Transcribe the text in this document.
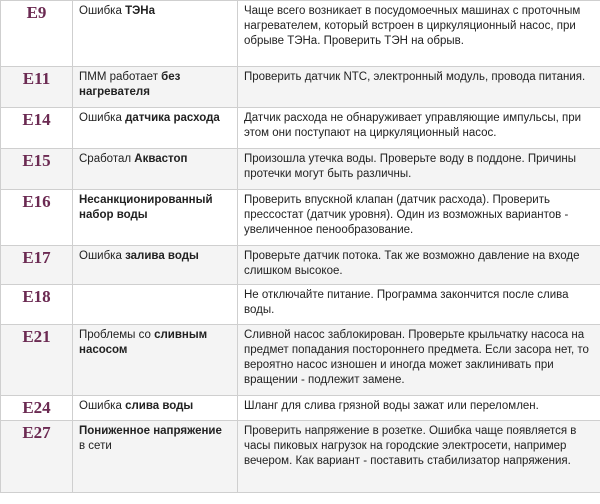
E9	Ошибка ТЭНа	Чаще всего возникает в посудомоечных машинах с проточным нагревателем, который встроен в циркуляционный насос, при обрыве ТЭНа. Проверить ТЭН на обрыв.
E11	ПММ работает без нагревателя	Проверить датчик NTC, электронный модуль, провода питания.
E14	Ошибка датчика расхода	Датчик расхода не обнаруживает управляющие импульсы, при этом они поступают на циркуляционный насос.
E15	Сработал Аквастоп	Произошла утечка воды. Проверьте воду в поддоне. Причины протечки могут быть различны.
E16	Несанкционированный набор воды	Проверить впускной клапан (датчик расхода). Проверить прессостат (датчик уровня). Один из возможных вариантов - увеличенное пенообразование.
E17	Ошибка залива воды	Проверьте датчик потока. Так же возможно давление на входе слишком высокое.
E18		Не отключайте питание. Программа закончится после слива воды.
E21	Проблемы со сливным насосом	Сливной насос заблокирован. Проверьте крыльчатку насоса на предмет попадания постороннего предмета. Если засора нет, то вероятно насос изношен и иногда может заклинивать при вращении - подлежит замене.
E24	Ошибка слива воды	Шланг для слива грязной воды зажат или переломлен.
E27	Пониженное напряжение в сети	Проверить напряжение в розетке. Ошибка чаще появляется в часы пиковых нагрузок на городские электросети, например вечером. Как вариант - поставить стабилизатор напряжения.
